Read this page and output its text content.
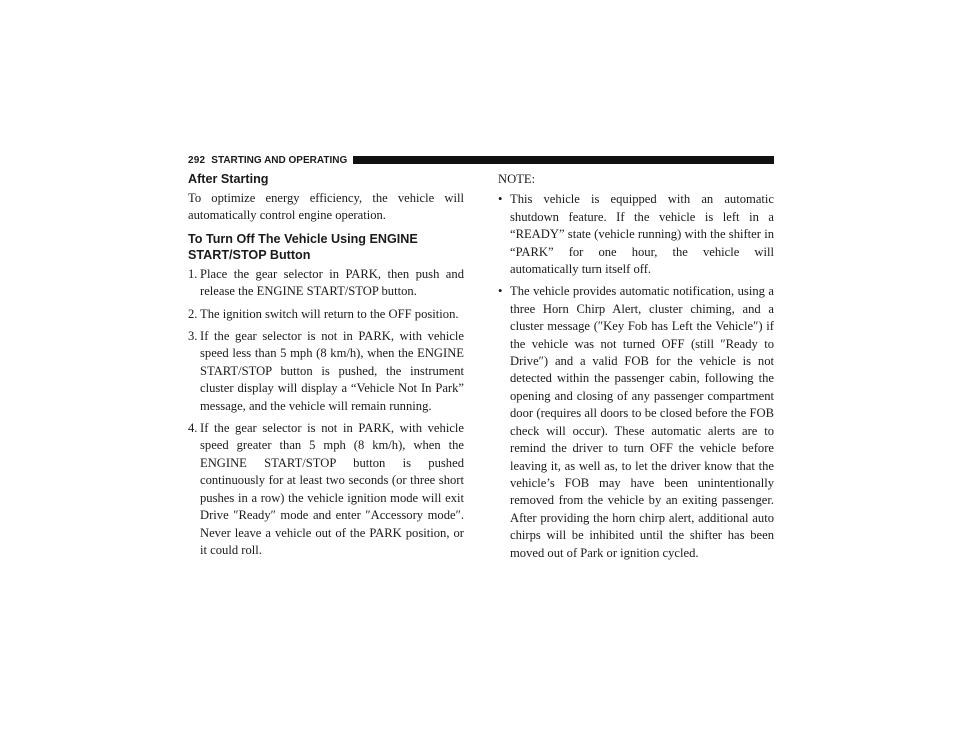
292 STARTING AND OPERATING
After Starting

To optimize energy efficiency, the vehicle will automatically control engine operation.

To Turn Off The Vehicle Using ENGINE START/STOP Button
1. Place the gear selector in PARK, then push and release the ENGINE START/STOP button.
2. The ignition switch will return to the OFF position.
3. If the gear selector is not in PARK, with vehicle speed less than 5 mph (8 km/h), when the ENGINE START/STOP button is pushed, the instrument cluster display will display a “Vehicle Not In Park” message, and the vehicle will remain running.
4. If the gear selector is not in PARK, with vehicle speed greater than 5 mph (8 km/h), when the ENGINE START/STOP button is pushed continuously for at least two seconds (or three short pushes in a row) the vehicle ignition mode will exit Drive ″Ready″ mode and enter ″Accessory mode″. Never leave a vehicle out of the PARK position, or it could roll.

NOTE:

• This vehicle is equipped with an automatic shutdown feature. If the vehicle is left in a “READY” state (vehicle running) with the shifter in “PARK” for one hour, the vehicle will automatically turn itself off.
• The vehicle provides automatic notification, using a three Horn Chirp Alert, cluster chiming, and a cluster message (″Key Fob has Left the Vehicle″) if the vehicle was not turned OFF (still ″Ready to Drive″) and a valid FOB for the vehicle is not detected within the passenger cabin, following the opening and closing of any passenger compartment door (requires all doors to be closed before the FOB check will occur). These automatic alerts are to remind the driver to turn OFF the vehicle before leaving it, as well as, to let the driver know that the vehicle’s FOB may have been unintentionally removed from the vehicle by an exiting passenger. After providing the horn chirp alert, additional auto chirps will be inhibited until the shifter has been moved out of Park or ignition cycled.
